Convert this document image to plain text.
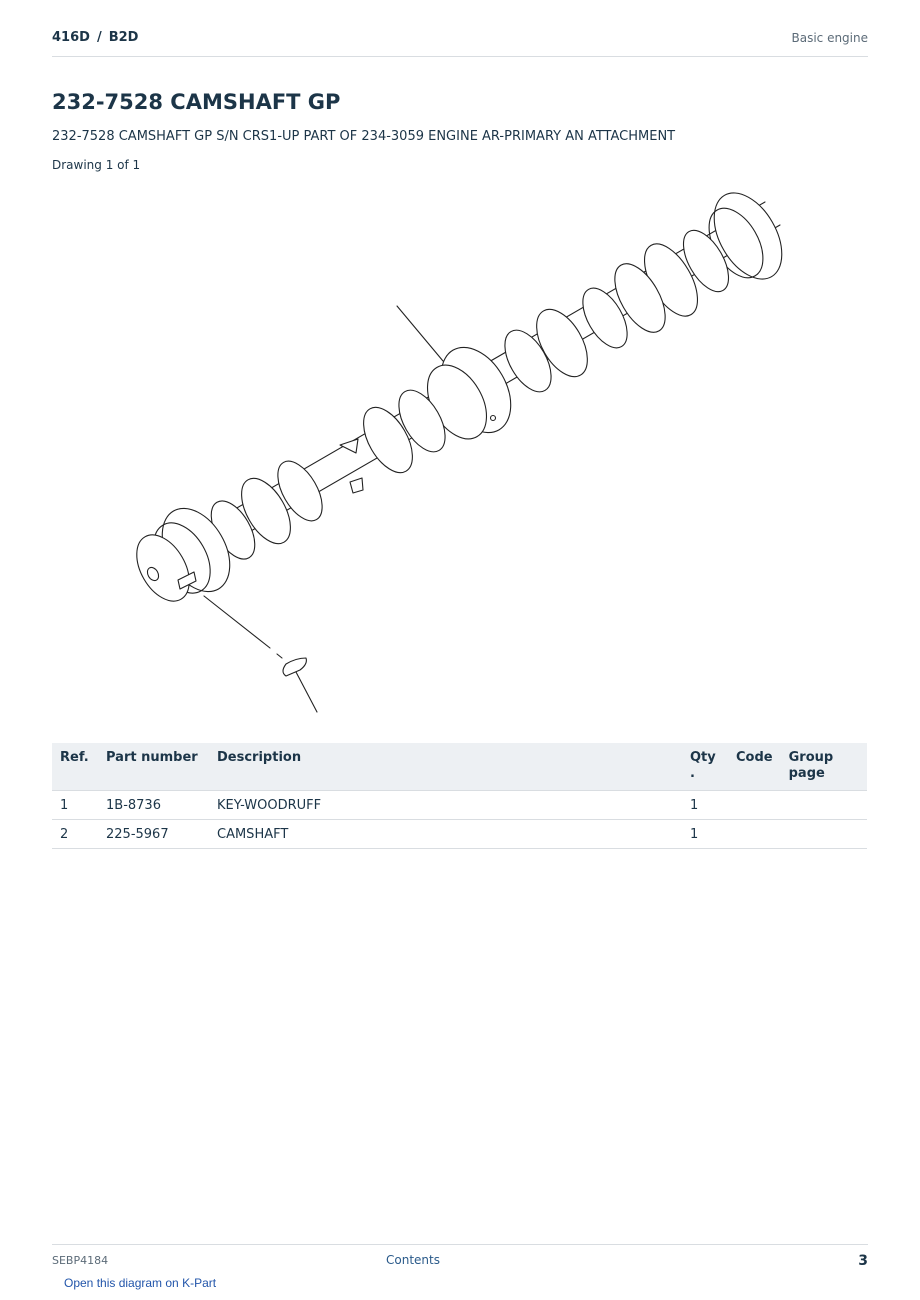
416D / B2D	Basic engine
232-7528 CAMSHAFT GP
232-7528 CAMSHAFT GP S/N CRS1-UP PART OF 234-3059 ENGINE AR-PRIMARY AN ATTACHMENT
Drawing 1 of 1
Ref.	Part number	Description	Qty .	Code	Group page
1	1B-8736	KEY-WOODRUFF	1		
2	225-5967	CAMSHAFT	1		
SEBP4184	Contents	3
Open this diagram on K-Part
